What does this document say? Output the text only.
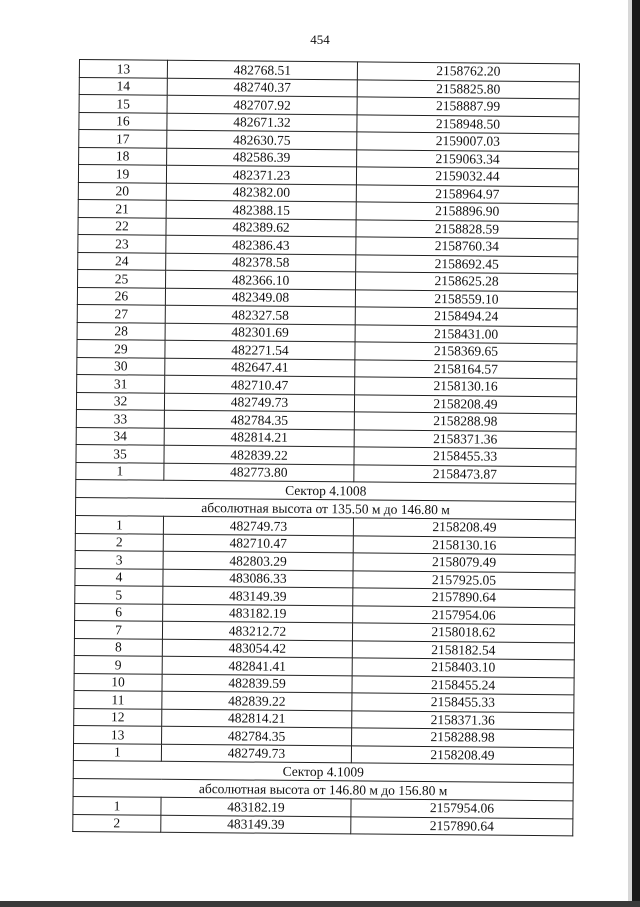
454
13	482768.51	2158762.20
14	482740.37	2158825.80
15	482707.92	2158887.99
16	482671.32	2158948.50
17	482630.75	2159007.03
18	482586.39	2159063.34
19	482371.23	2159032.44
20	482382.00	2158964.97
21	482388.15	2158896.90
22	482389.62	2158828.59
23	482386.43	2158760.34
24	482378.58	2158692.45
25	482366.10	2158625.28
26	482349.08	2158559.10
27	482327.58	2158494.24
28	482301.69	2158431.00
29	482271.54	2158369.65
30	482647.41	2158164.57
31	482710.47	2158130.16
32	482749.73	2158208.49
33	482784.35	2158288.98
34	482814.21	2158371.36
35	482839.22	2158455.33
1	482773.80	2158473.87
Сектор 4.1008		
абсолютная высота от 135.50 м до 146.80 м		
1	482749.73	2158208.49
2	482710.47	2158130.16
3	482803.29	2158079.49
4	483086.33	2157925.05
5	483149.39	2157890.64
6	483182.19	2157954.06
7	483212.72	2158018.62
8	483054.42	2158182.54
9	482841.41	2158403.10
10	482839.59	2158455.24
11	482839.22	2158455.33
12	482814.21	2158371.36
13	482784.35	2158288.98
1	482749.73	2158208.49
Сектор 4.1009		
абсолютная высота от 146.80 м до 156.80 м		
1	483182.19	2157954.06
2	483149.39	2157890.64
